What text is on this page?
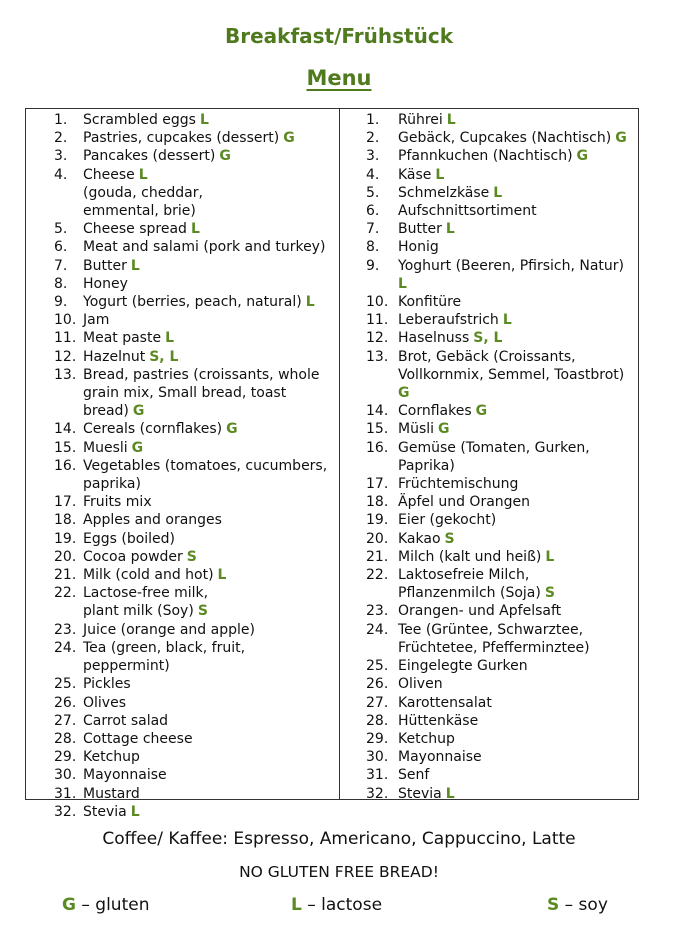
Breakfast/Frühstück
Menu
1. Scrambled eggs L
2. Pastries, cupcakes (dessert) G
3. Pancakes (dessert) G
4. Cheese L
(gouda, cheddar,
emmental, brie)
5. Cheese spread L
6. Meat and salami (pork and turkey)
7. Butter L
8. Honey
9. Yogurt (berries, peach, natural) L
10. Jam
11. Meat paste L
12. Hazelnut S, L
13. Bread, pastries (croissants, whole
grain mix, Small bread, toast
bread) G
14. Cereals (cornflakes) G
15. Muesli G
16. Vegetables (tomatoes, cucumbers,
paprika)
17. Fruits mix
18. Apples and oranges
19. Eggs (boiled)
20. Cocoa powder S
21. Milk (cold and hot) L
22. Lactose-free milk,
plant milk (Soy) S
23. Juice (orange and apple)
24. Tea (green, black, fruit,
peppermint)
25. Pickles
26. Olives
27. Carrot salad
28. Cottage cheese
29. Ketchup
30. Mayonnaise
31. Mustard
32. Stevia L
1. Rührei L
2. Gebäck, Cupcakes (Nachtisch) G
3. Pfannkuchen (Nachtisch) G
4. Käse L
5. Schmelzkäse L
6. Aufschnittsortiment
7. Butter L
8. Honig
9. Yoghurt (Beeren, Pfirsich, Natur)
L
10. Konfitüre
11. Leberaufstrich L
12. Haselnuss S, L
13. Brot, Gebäck (Croissants,
Vollkornmix, Semmel, Toastbrot)
G
14. Cornflakes G
15. Müsli G
16. Gemüse (Tomaten, Gurken,
Paprika)
17. Früchtemischung
18. Äpfel und Orangen
19. Eier (gekocht)
20. Kakao S
21. Milch (kalt und heiß) L
22. Laktosefreie Milch,
Pflanzenmilch (Soja) S
23. Orangen- und Apfelsaft
24. Tee (Grüntee, Schwarztee,
Früchtetee, Pfefferminztee)
25. Eingelegte Gurken
26. Oliven
27. Karottensalat
28. Hüttenkäse
29. Ketchup
30. Mayonnaise
31. Senf
32. Stevia L
Coffee/ Kaffee: Espresso, Americano, Cappuccino, Latte
NO GLUTEN FREE BREAD!
G – gluten	L – lactose	S – soy
